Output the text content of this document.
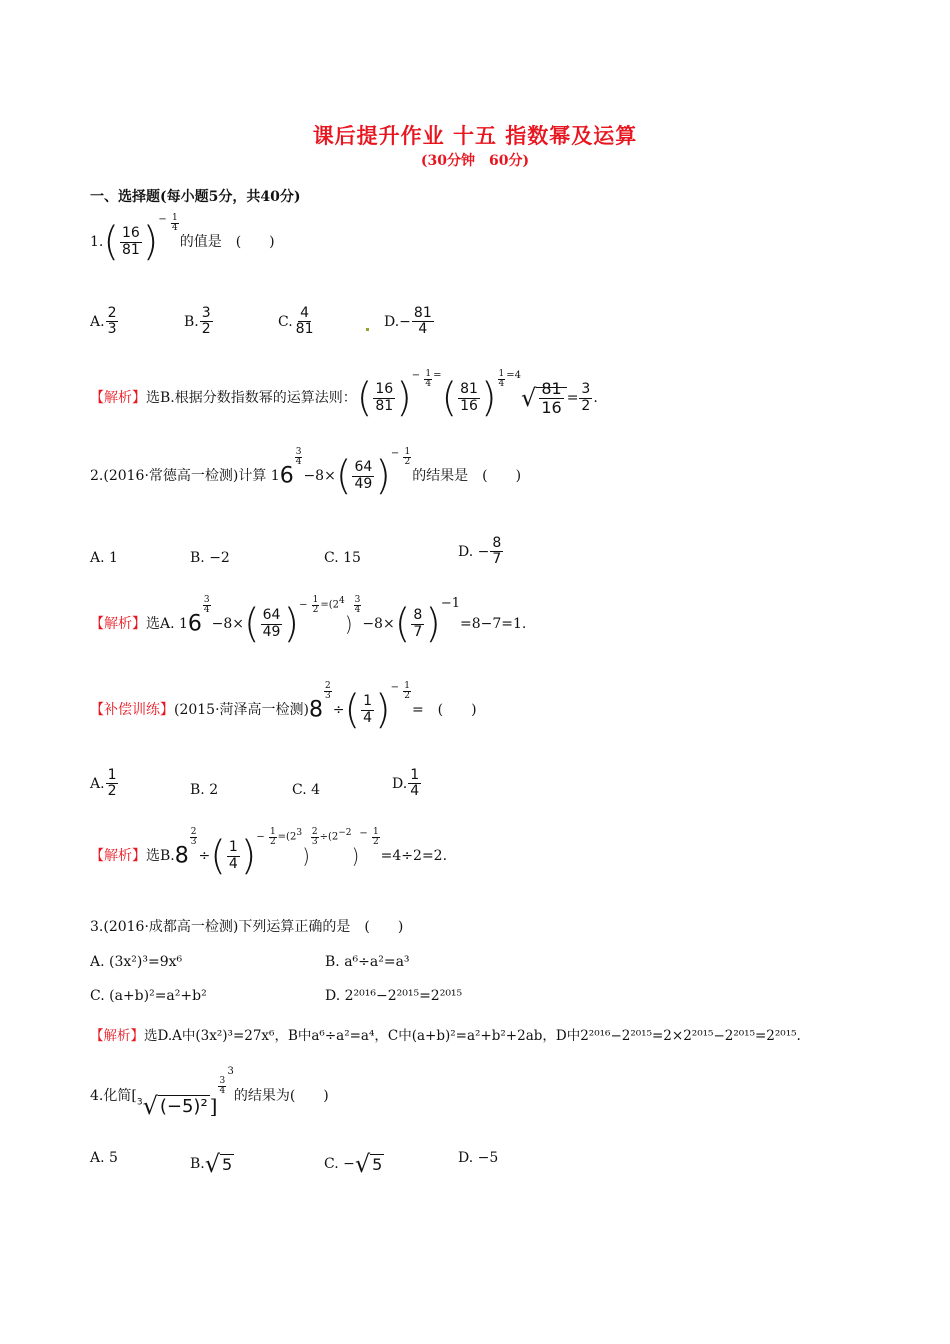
课后提升作业 十五 指数幂及运算
(30分钟　60分)
一、选择题(每小题5分，共40分)
$1.( \frac{16}{81}$ )− $\frac{1}{4}$
的值是　(　　)
A. $\frac{2}{3}$	B. $\frac{3}{2}$	C. $\frac{4}{81}$	$D.- \frac{81}{4}$
【解析】选B.根据分数指数幂的运算法则：( $\frac{16}{81}$ )− $\frac{1}{4}$ =( $\frac{81}{16}$ ) $\frac{1}{4} =4√ \frac{81}{16} = \frac{3}{2}$ .
2.(2016·常德高一检测)计算 16
$\frac{3}{4}$
$-8\times( \frac{64}{49}$ )− $\frac{1}{2}$
的结果是　(　　)
A. 1	B. −2	C. 15	D. − $\frac{8}{7}$
【解析】选A. 16
$\frac{3}{4}$
$-8\times( \frac{64}{49}$ )− $\frac{1}{2} =(2^4)$
$\frac{3}{4}$
$-8\times( \frac{8}{7} )-1=8-7=1$.
【补偿训练】(2015·菏泽高一检测)8
$\frac{2}{3}$
÷( $\frac{1}{4}$ )− $\frac{1}{2}$
=　(　　)
A. $\frac{1}{2}$	B. 2	C. 4	D. $\frac{1}{4}$
【解析】选B.8
$\frac{2}{3}$
÷( $\frac{1}{4}$ )− $\frac{1}{2} =(2^3)$
$\frac{2}{3} \div(2^{-2})- \frac{1}{2}$
=4÷2=2.
3.(2016·成都高一检测)下列运算正确的是　(　　)
A. (3x²)³=9x⁶	B. a⁶÷a²=a³
C. (a+b)²=a²+b²	D. 2²⁰¹⁶−2²⁰¹⁵=2²⁰¹⁵
【解析】选D.A中(3x²)³=27x⁶，B中a⁶÷a²=a⁴，C中(a+b)²=a²+b²+2ab，D中2²⁰¹⁶−2²⁰¹⁵=2×2²⁰¹⁵−2²⁰¹⁵=2²⁰¹⁵.
4.化简[$^3$√ (−5)² ]
3
$\frac{3}{4}$ 的结果为(　　)
A. 5	B.√ 5	C. −√ 5	D. −5
